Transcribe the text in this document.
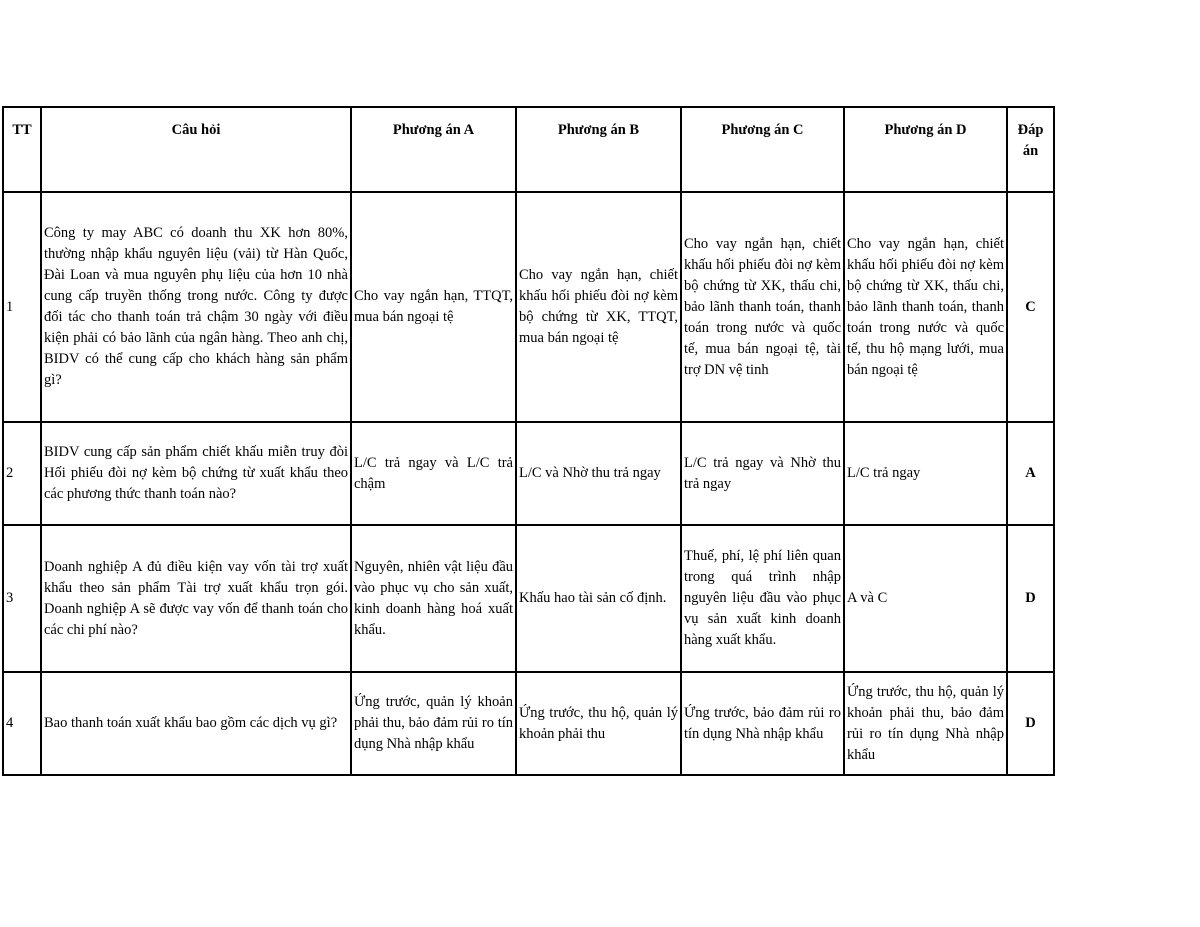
TT	Câu hỏi	Phương án A	Phương án B	Phương án C	Phương án D	Đáp án
1	Công ty may ABC có doanh thu XK hơn 80%, thường nhập khẩu nguyên liệu (vải) từ Hàn Quốc, Đài Loan và mua nguyên phụ liệu của hơn 10 nhà cung cấp truyền thống trong nước. Công ty được đối tác cho thanh toán trả chậm 30 ngày với điều kiện phải có bảo lãnh của ngân hàng. Theo anh chị, BIDV có thể cung cấp cho khách hàng sản phẩm gì?	Cho vay ngắn hạn, TTQT, mua bán ngoại tệ	Cho vay ngắn hạn, chiết khấu hối phiếu đòi nợ kèm bộ chứng từ XK, TTQT, mua bán ngoại tệ	Cho vay ngắn hạn, chiết khấu hối phiếu đòi nợ kèm bộ chứng từ XK, thấu chi, bảo lãnh thanh toán, thanh toán trong nước và quốc tế, mua bán ngoại tệ, tài trợ DN vệ tinh	Cho vay ngắn hạn, chiết khấu hối phiếu đòi nợ kèm bộ chứng từ XK, thấu chi, bảo lãnh thanh toán, thanh toán trong nước và quốc tế, thu hộ mạng lưới, mua bán ngoại tệ	C
2	BIDV cung cấp sản phẩm chiết khấu miễn truy đòi Hối phiếu đòi nợ kèm bộ chứng từ xuất khẩu theo các phương thức thanh toán nào?	L/C trả ngay và L/C trả chậm	L/C và Nhờ thu trả ngay	L/C trả ngay và Nhờ thu trả ngay	L/C trả ngay	A
3	Doanh nghiệp A đủ điều kiện vay vốn tài trợ xuất khẩu theo sản phẩm Tài trợ xuất khẩu trọn gói. Doanh nghiệp A sẽ được vay vốn để thanh toán cho các chi phí nào?	Nguyên, nhiên vật liệu đầu vào phục vụ cho sản xuất, kinh doanh hàng hoá xuất khẩu.	Khấu hao tài sản cố định.	Thuế, phí, lệ phí liên quan trong quá trình nhập nguyên liệu đầu vào phục vụ sản xuất kinh doanh hàng xuất khẩu.	A và C	D
4	Bao thanh toán xuất khẩu bao gồm các dịch vụ gì?	Ứng trước, quản lý khoản phải thu, bảo đảm rủi ro tín dụng Nhà nhập khẩu	Ứng trước, thu hộ, quản lý khoản phải thu	Ứng trước, bảo đảm rủi ro tín dụng Nhà nhập khẩu	Ứng trước, thu hộ, quản lý khoản phải thu, bảo đảm rủi ro tín dụng Nhà nhập khẩu	D
